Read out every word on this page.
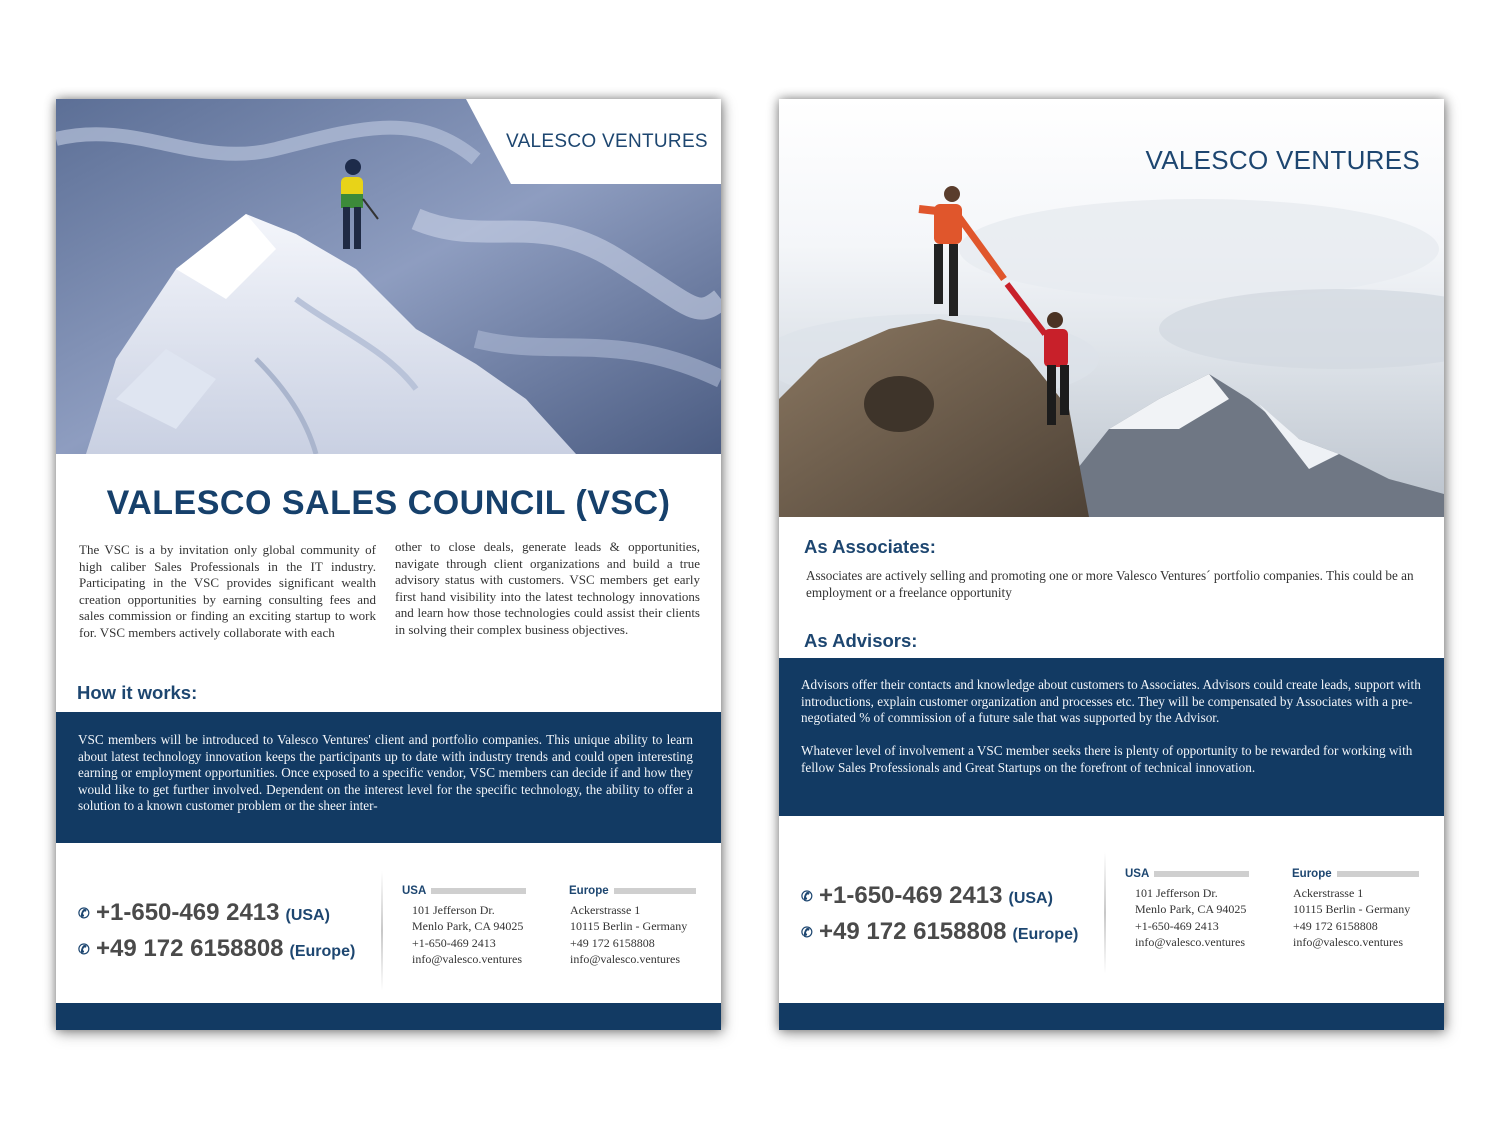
VALESCO VENTURES
VALESCO SALES COUNCIL (VSC)

The VSC is a by invitation only global community of high caliber Sales Professionals in the IT industry. Participating in the VSC provides significant wealth creation opportunities by earning consulting fees and sales commission or finding an exciting startup to work for. VSC members actively collaborate with each

other to close deals, generate leads & opportunities, navigate through client organizations and build a true advisory status with customers. VSC members get early first hand visibility into the latest technology innovations and learn how those technologies could assist their clients in solving their complex business objectives.

How it works:

VSC members will be introduced to Valesco Ventures' client and portfolio companies. This unique ability to learn about latest technology innovation keeps the participants up to date with industry trends and could open interesting earning or employment opportunities. Once exposed to a specific vendor, VSC members can decide if and how they would like to get further involved. Dependent on the interest level for the specific technology, the ability to offer a solution to a known customer problem or the sheer inter-

✆ +1-650-469 2413 (USA)
✆ +49 172 6158808 (Europe)
USA
101 Jefferson Dr.
Menlo Park, CA 94025
+1-650-469 2413
info@valesco.ventures
Europe
Ackerstrasse 1
10115 Berlin - Germany
+49 172 6158808
info@valesco.ventures
VALESCO VENTURES
As Associates:

Associates are actively selling and promoting one or more Valesco Ventures´ portfolio companies. This could be an employment or a freelance opportunity

As Advisors:

Advisors offer their contacts and knowledge about customers to Associates. Advisors could create leads, support with introductions, explain customer organization and processes etc. They will be compensated by Associates with a pre-negotiated % of commission of a future sale that was supported by the Advisor.

Whatever level of involvement a VSC member seeks there is plenty of opportunity to be rewarded for working with fellow Sales Professionals and Great Startups on the forefront of technical innovation.

✆ +1-650-469 2413 (USA)
✆ +49 172 6158808 (Europe)
USA
101 Jefferson Dr.
Menlo Park, CA 94025
+1-650-469 2413
info@valesco.ventures
Europe
Ackerstrasse 1
10115 Berlin - Germany
+49 172 6158808
info@valesco.ventures
